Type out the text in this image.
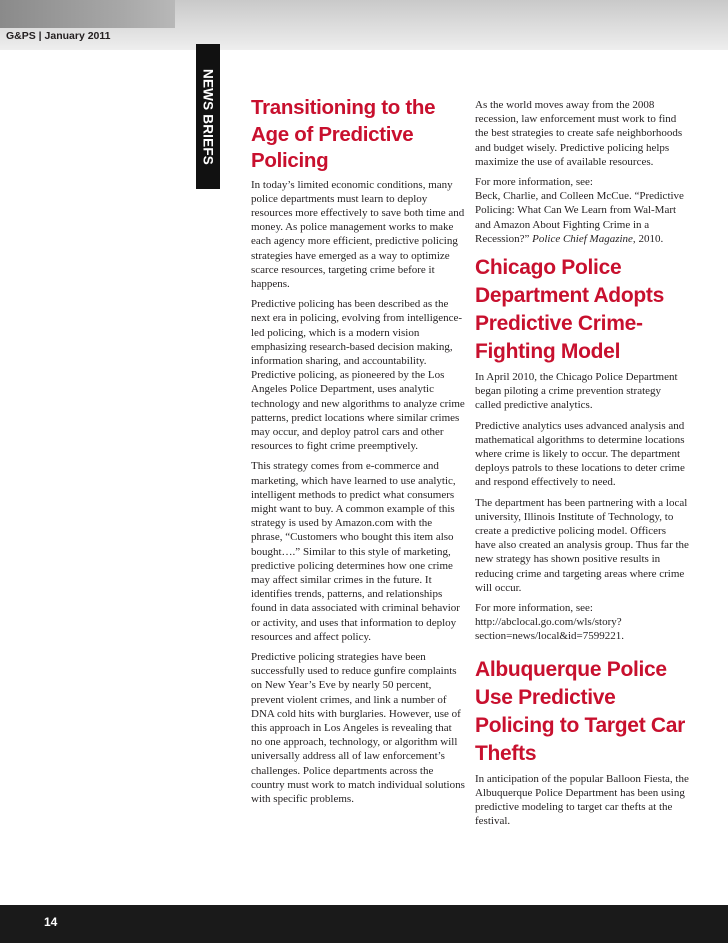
G&PS | January 2011
NEWS BRIEFS Transitioning to the Age of Predictive Policing

In today’s limited economic conditions, many police departments must learn to deploy resources more effectively to save both time and money. As police management works to make each agency more efficient, predictive policing strategies have emerged as a way to optimize scarce resources, targeting crime before it happens.

Predictive policing has been described as the next era in policing, evolving from intelligence-led policing, which is a modern vision emphasizing research-based decision making, information sharing, and accountability. Predictive policing, as pioneered by the Los Angeles Police Department, uses analytic technology and new algorithms to analyze crime patterns, predict locations where similar crimes may occur, and deploy patrol cars and other resources to fight crime preemptively.

This strategy comes from e-commerce and marketing, which have learned to use analytic, intelligent methods to predict what consumers might want to buy. A common example of this strategy is used by Amazon.com with the phrase, “Customers who bought this item also bought….” Similar to this style of marketing, predictive policing determines how one crime may affect similar crimes in the future. It identifies trends, patterns, and relationships found in data associated with criminal behavior or activity, and uses that information to deploy resources and affect policy.

Predictive policing strategies have been successfully used to reduce gunfire complaints on New Year’s Eve by nearly 50 percent, prevent violent crimes, and link a number of DNA cold hits with burglaries. However, use of this approach in Los Angeles is revealing that no one approach, technology, or algorithm will universally address all of law enforcement’s challenges. Police departments across the country must work to match individual solutions with specific problems.

As the world moves away from the 2008 recession, law enforcement must work to find the best strategies to create safe neighborhoods and budget wisely. Predictive policing helps maximize the use of available resources.

For more information, see:

Beck, Charlie, and Colleen McCue. “Predictive Policing: What Can We Learn from Wal-Mart and Amazon About Fighting Crime in a Recession?” Police Chief Magazine, 2010.

Chicago Police Department Adopts Predictive Crime-Fighting Model

In April 2010, the Chicago Police Department began piloting a crime prevention strategy called predictive analytics.

Predictive analytics uses advanced analysis and mathematical algorithms to determine locations where crime is likely to occur. The department deploys patrols to these locations to deter crime and respond effectively to need.

The department has been partnering with a local university, Illinois Institute of Technology, to create a predictive policing model. Officers have also created an analysis group. Thus far the new strategy has shown positive results in reducing crime and targeting areas where crime will occur.

For more information, see: http://abclocal.go.com/wls/story?section=news/local&id=7599221.

Albuquerque Police Use Predictive Policing to Target Car Thefts

In anticipation of the popular Balloon Fiesta, the Albuquerque Police Department has been using predictive modeling to target car thefts at the festival.

14
